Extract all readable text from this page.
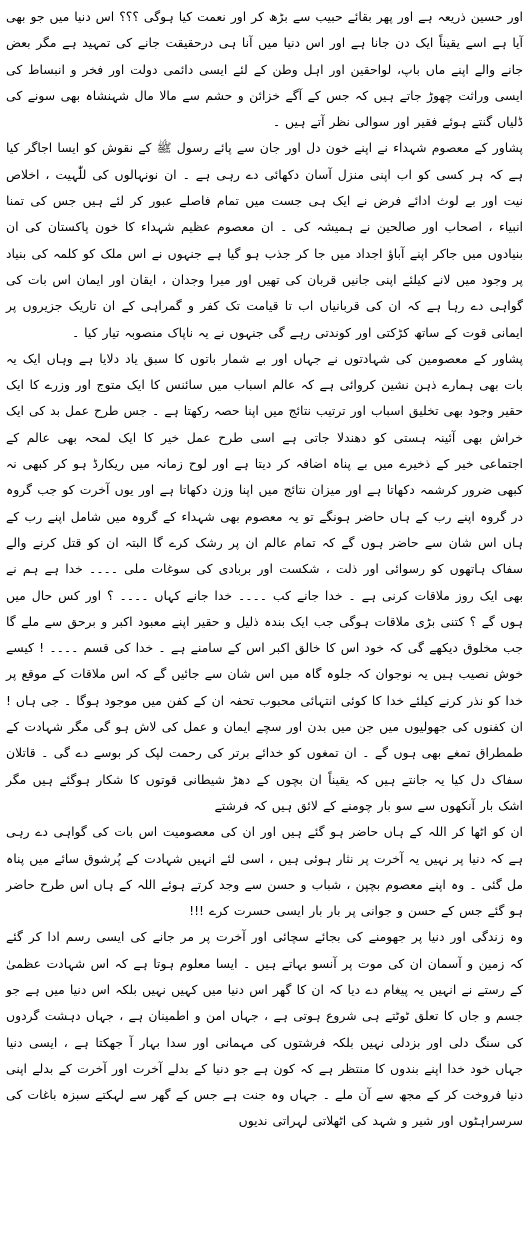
اور حسین ذریعہ ہے اور پھر بقائے حبیب سے بڑھ کر اور نعمت کیا ہوگی ؟؟؟ اس دنیا میں جو بھی آیا ہے اسے یقیناً ایک دن جانا ہے اور اس دنیا میں آنا ہی درحقیقت جانے کی تمہید ہے مگر بعض جانے والے اپنے ماں باپ، لواحقین اور اہل وطن کے لئے ایسی دائمی دولت اور فخر و انبساط کی ایسی وراثت چھوڑ جاتے ہیں کہ جس کے آگے خزائن و حشم سے مالا مال شہنشاہ بھی سونے کی ڈلیاں گنتے ہوئے فقیر اور سوالی نظر آتے ہیں ۔

پشاور کے معصوم شہداء نے اپنے خون دل اور جان سے پائے رسول ﷺ کے نقوش کو ایسا اجاگر کیا ہے کہ ہر کسی کو اب اپنی منزل آسان دکھائی دے رہی ہے ۔ ان نونہالوں کی للّٰہیت ، اخلاص نیت اور بے لوث ادائے فرض نے ایک ہی جست میں تمام فاصلے عبور کر لئے ہیں جس کی تمنا انبیاء ، اصحاب اور صالحین نے ہمیشہ کی ۔ ان معصوم عظیم شہداء کا خون پاکستان کی ان بنیادوں میں جاکر اپنے آباؤ اجداد میں جا کر جذب ہو گیا ہے جنہوں نے اس ملک کو کلمہ کی بنیاد پر وجود میں لانے کیلئے اپنی جانیں قربان کی تھیں اور میرا وجدان ، ایقان اور ایمان اس بات کی گواہی دے رہا ہے کہ ان کی قربانیاں اب تا قیامت تک کفر و گمراہی کے ان تاریک جزیروں پر ایمانی قوت کے ساتھ کڑکتی اور کوندتی رہے گی جنہوں نے یہ ناپاک منصوبہ تیار کیا ۔

پشاور کے معصومین کی شہادتوں نے جہاں اور بے شمار باتوں کا سبق یاد دلایا ہے وہاں ایک یہ بات بھی ہمارے ذہن نشین کروائی ہے کہ عالم اسباب میں سائنس کا ایک متوج اور وزرے کا ایک حقیر وجود بھی تخلیق اسباب اور ترتیب نتائج میں اپنا حصہ رکھتا ہے ۔ جس طرح عمل بد کی ایک خراش بھی آئینہ ہستی کو دھندلا جاتی ہے اسی طرح عمل خیر کا ایک لمحہ بھی عالم کے اجتماعی خیر کے ذخیرے میں بے پناہ اضافہ کر دیتا ہے اور لوح زمانہ میں ریکارڈ ہو کر کبھی نہ کبھی ضرور کرشمہ دکھاتا ہے اور میزان نتائج میں اپنا وزن دکھاتا ہے اور یوں آخرت کو جب گروہ در گروہ اپنے رب کے ہاں حاضر ہونگے تو یہ معصوم بھی شہداء کے گروہ میں شامل اپنے رب کے ہاں اس شان سے حاضر ہوں گے کہ تمام عالم ان پر رشک کرے گا البتہ ان کو قتل کرنے والے سفاک ہاتھوں کو رسوائی اور ذلت ، شکست اور بربادی کی سوغات ملی ۔۔۔۔ خدا ہے ہم نے بھی ایک روز ملاقات کرنی ہے ۔ خدا جانے کب ۔۔۔۔ خدا جانے کہاں ۔۔۔۔ ؟ اور کس حال میں ہوں گے ؟ کتنی بڑی ملاقات ہوگی جب ایک بندہ ذلیل و حقیر اپنے معبود اکبر و برحق سے ملے گا جب مخلوق دیکھے گی کہ خود اس کا خالق اکبر اس کے سامنے ہے ۔ خدا کی قسم ۔۔۔۔ ! کیسے خوش نصیب ہیں یہ نوجوان کہ جلوہ گاہ میں اس شان سے جائیں گے کہ اس ملاقات کے موقع پر خدا کو نذر کرنے کیلئے خدا کا کوئی انتہائی محبوب تحفہ ان کے کفن میں موجود ہوگا ۔ جی ہاں ! ان کفنوں کی جھولیوں میں جن میں بدن اور سچے ایمان و عمل کی لاش ہو گی مگر شہادت کے طمطراق تمغے بھی ہوں گے ۔ ان تمغوں کو خدائے برتر کی رحمت لپک کر بوسے دے گی ۔ قاتلان سفاک دل کیا یہ جانتے ہیں کہ یقیناً ان بچوں کے دھڑ شیطانی قوتوں کا شکار ہوگئے ہیں مگر اشک بار آنکھوں سے سو بار چومنے کے لائق ہیں کہ فرشتے

ان کو اٹھا کر اللہ کے ہاں حاضر ہو گئے ہیں اور ان کی معصومیت اس بات کی گواہی دے رہی ہے کہ دنیا پر نہیں یہ آخرت پر نثار ہوئی ہیں ، اسی لئے انہیں شہادت کے پُرشوق سائے میں پناہ مل گئی ۔ وہ اپنے معصوم بچپن ، شباب و حسن سے وجد کرتے ہوئے اللہ کے ہاں اس طرح حاضر ہو گئے جس کے حسن و جوانی پر بار بار ایسی حسرت کرے !!!

وہ زندگی اور دنیا پر جھومنے کی بجائے سچائی اور آخرت پر مر جانے کی ایسی رسم ادا کر گئے کہ زمین و آسمان ان کی موت پر آنسو بہاتے ہیں ۔ ایسا معلوم ہوتا ہے کہ اس شہادت عظمیٰ کے رستے نے انہیں یہ پیغام دے دیا کہ ان کا گھر اس دنیا میں کہیں نہیں بلکہ اس دنیا میں ہے جو جسم و جاں کا تعلق ٹوٹتے ہی شروع ہوتی ہے ، جہاں امن و اطمینان ہے ، جہاں دہشت گردوں کی سنگ دلی اور بزدلی نہیں بلکہ فرشتوں کی مہمانی اور سدا بہار آ جھکتا ہے ، ایسی دنیا جہاں خود خدا اپنے بندوں کا منتظر ہے کہ کون ہے جو دنیا کے بدلے آخرت اور آخرت کے بدلے اپنی دنیا فروخت کر کے مجھ سے آن ملے ۔ جہاں وہ جنت ہے جس کے گھر سے لہکتے سبزہ باغات کی سرسراہٹوں اور شیر و شہد کی اٹھلاتی لہراتی ندیوں
